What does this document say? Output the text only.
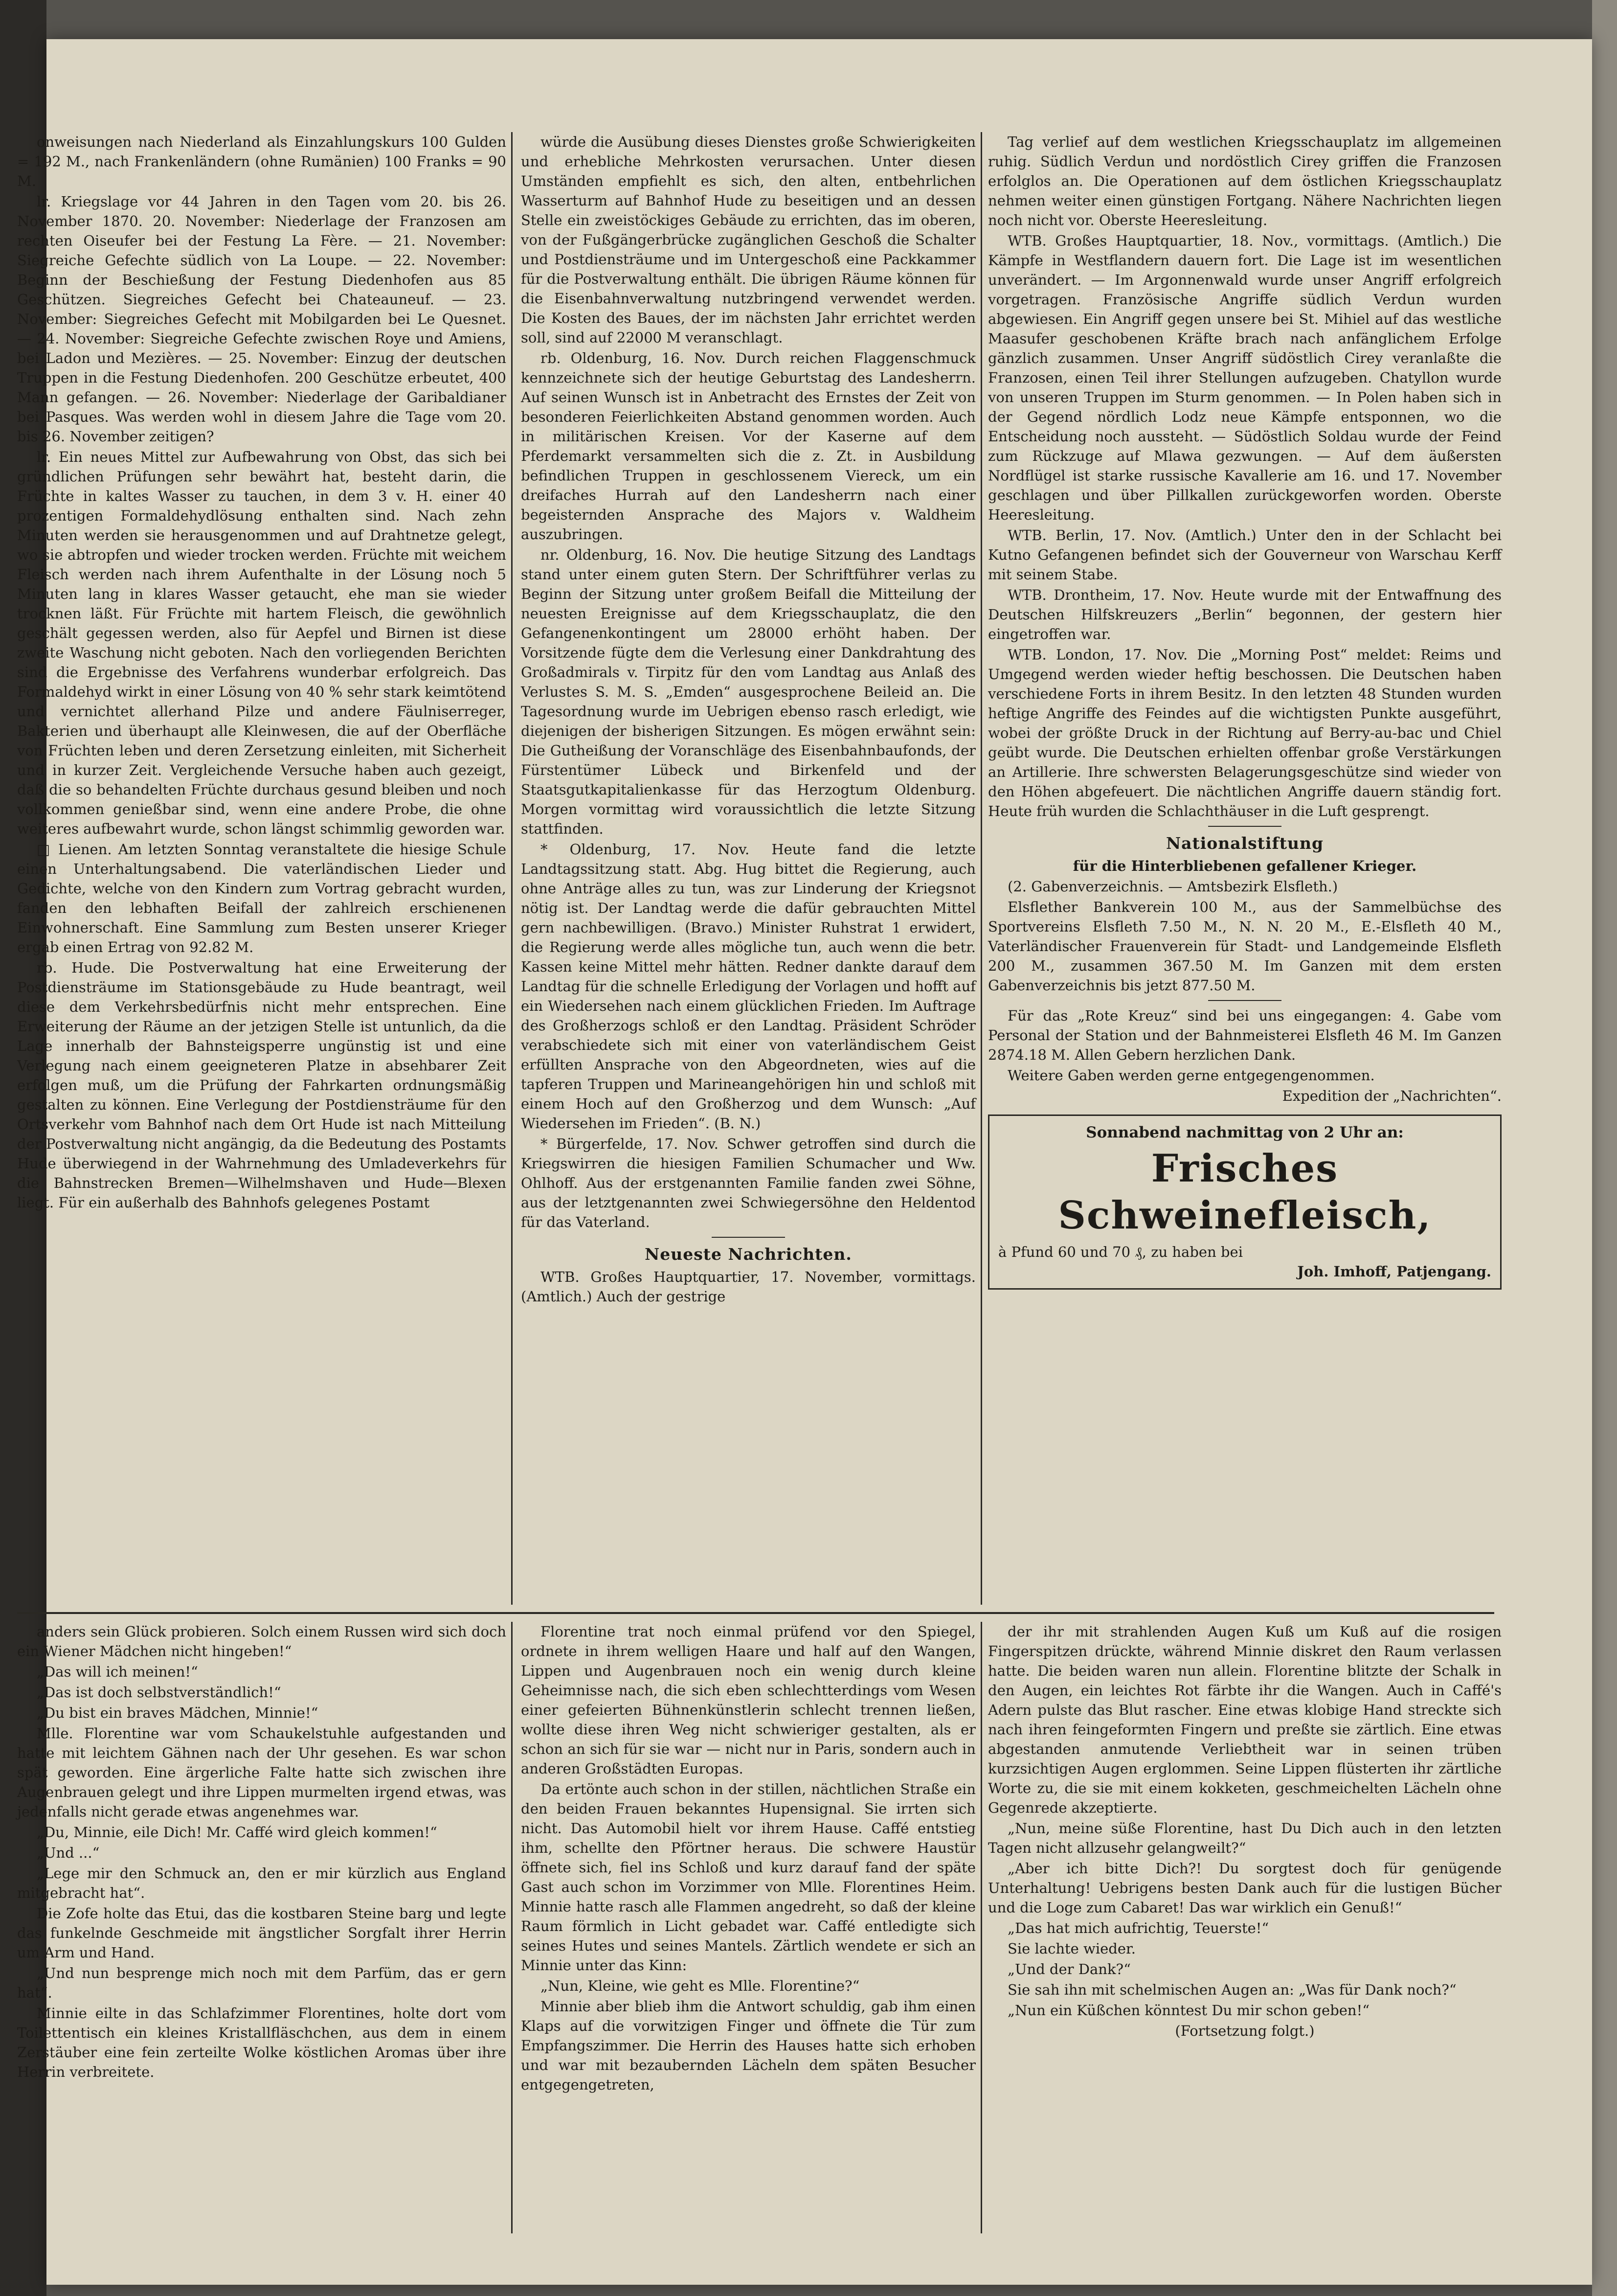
onweisungen nach Niederland als Einzahlungskurs 100 Gulden = 192 M., nach Frankenländern (ohne Rumänien) 100 Franks = 90 M.

lr. Kriegslage vor 44 Jahren in den Tagen vom 20. bis 26. November 1870. 20. November: Niederlage der Franzosen am rechten Oiseufer bei der Festung La Fère. — 21. November: Siegreiche Gefechte südlich von La Loupe. — 22. November: Beginn der Beschießung der Festung Diedenhofen aus 85 Geschützen. Siegreiches Gefecht bei Chateauneuf. — 23. November: Siegreiches Gefecht mit Mobilgarden bei Le Quesnet. — 24. November: Siegreiche Gefechte zwischen Roye und Amiens, bei Ladon und Mezières. — 25. November: Einzug der deutschen Truppen in die Festung Diedenhofen. 200 Geschütze erbeutet, 400 Mann gefangen. — 26. November: Niederlage der Garibaldianer bei Pasques. Was werden wohl in diesem Jahre die Tage vom 20. bis 26. November zeitigen?

lr. Ein neues Mittel zur Aufbewahrung von Obst, das sich bei gründlichen Prüfungen sehr bewährt hat, besteht darin, die Früchte in kaltes Wasser zu tauchen, in dem 3 v. H. einer 40 prozentigen Formaldehydlösung enthalten sind. Nach zehn Minuten werden sie herausgenommen und auf Drahtnetze gelegt, wo sie abtropfen und wieder trocken werden. Früchte mit weichem Fleisch werden nach ihrem Aufenthalte in der Lösung noch 5 Minuten lang in klares Wasser getaucht, ehe man sie wieder trocknen läßt. Für Früchte mit hartem Fleisch, die gewöhnlich geschält gegessen werden, also für Aepfel und Birnen ist diese zweite Waschung nicht geboten. Nach den vorliegenden Berichten sind die Ergebnisse des Verfahrens wunderbar erfolgreich. Das Formaldehyd wirkt in einer Lösung von 40 % sehr stark keimtötend und vernichtet allerhand Pilze und andere Fäulniserreger, Bakterien und überhaupt alle Kleinwesen, die auf der Oberfläche von Früchten leben und deren Zersetzung einleiten, mit Sicherheit und in kurzer Zeit. Vergleichende Versuche haben auch gezeigt, daß die so behandelten Früchte durchaus gesund bleiben und noch vollkommen genießbar sind, wenn eine andere Probe, die ohne weiteres aufbewahrt wurde, schon längst schimmlig geworden war.

□ Lienen. Am letzten Sonntag veranstaltete die hiesige Schule einen Unterhaltungsabend. Die vaterländischen Lieder und Gedichte, welche von den Kindern zum Vortrag gebracht wurden, fanden den lebhaften Beifall der zahlreich erschienenen Einwohnerschaft. Eine Sammlung zum Besten unserer Krieger ergab einen Ertrag von 92.82 M.

rb. Hude. Die Postverwaltung hat eine Erweiterung der Postdiensträume im Stationsgebäude zu Hude beantragt, weil diese dem Verkehrsbedürfnis nicht mehr entsprechen. Eine Erweiterung der Räume an der jetzigen Stelle ist untunlich, da die Lage innerhalb der Bahnsteigsperre ungünstig ist und eine Verlegung nach einem geeigneteren Platze in absehbarer Zeit erfolgen muß, um die Prüfung der Fahrkarten ordnungsmäßig gestalten zu können. Eine Verlegung der Postdiensträume für den Ortsverkehr vom Bahnhof nach dem Ort Hude ist nach Mitteilung der Postverwaltung nicht angängig, da die Bedeutung des Postamts Hude überwiegend in der Wahrnehmung des Umladeverkehrs für die Bahnstrecken Bremen—Wilhelmshaven und Hude—Blexen liegt. Für ein außerhalb des Bahnhofs gelegenes Postamt

würde die Ausübung dieses Dienstes große Schwierigkeiten und erhebliche Mehrkosten verursachen. Unter diesen Umständen empfiehlt es sich, den alten, entbehrlichen Wasserturm auf Bahnhof Hude zu beseitigen und an dessen Stelle ein zweistöckiges Gebäude zu errichten, das im oberen, von der Fußgängerbrücke zugänglichen Geschoß die Schalter und Postdiensträume und im Untergeschoß eine Packkammer für die Postverwaltung enthält. Die übrigen Räume können für die Eisenbahnverwaltung nutzbringend verwendet werden. Die Kosten des Baues, der im nächsten Jahr errichtet werden soll, sind auf 22000 M veranschlagt.

rb. Oldenburg, 16. Nov. Durch reichen Flaggenschmuck kennzeichnete sich der heutige Geburtstag des Landesherrn. Auf seinen Wunsch ist in Anbetracht des Ernstes der Zeit von besonderen Feierlichkeiten Abstand genommen worden. Auch in militärischen Kreisen. Vor der Kaserne auf dem Pferdemarkt versammelten sich die z. Zt. in Ausbildung befindlichen Truppen in geschlossenem Viereck, um ein dreifaches Hurrah auf den Landesherrn nach einer begeisternden Ansprache des Majors v. Waldheim auszubringen.

nr. Oldenburg, 16. Nov. Die heutige Sitzung des Landtags stand unter einem guten Stern. Der Schriftführer verlas zu Beginn der Sitzung unter großem Beifall die Mitteilung der neuesten Ereignisse auf dem Kriegsschauplatz, die den Gefangenenkontingent um 28000 erhöht haben. Der Vorsitzende fügte dem die Verlesung einer Dankdrahtung des Großadmirals v. Tirpitz für den vom Landtag aus Anlaß des Verlustes S. M. S. „Emden“ ausgesprochene Beileid an. Die Tagesordnung wurde im Uebrigen ebenso rasch erledigt, wie diejenigen der bisherigen Sitzungen. Es mögen erwähnt sein: Die Gutheißung der Voranschläge des Eisenbahnbaufonds, der Fürstentümer Lübeck und Birkenfeld und der Staatsgutkapitalienkasse für das Herzogtum Oldenburg. Morgen vormittag wird voraussichtlich die letzte Sitzung stattfinden.

* Oldenburg, 17. Nov. Heute fand die letzte Landtagssitzung statt. Abg. Hug bittet die Regierung, auch ohne Anträge alles zu tun, was zur Linderung der Kriegsnot nötig ist. Der Landtag werde die dafür gebrauchten Mittel gern nachbewilligen. (Bravo.) Minister Ruhstrat 1 erwidert, die Regierung werde alles mögliche tun, auch wenn die betr. Kassen keine Mittel mehr hätten. Redner dankte darauf dem Landtag für die schnelle Erledigung der Vorlagen und hofft auf ein Wiedersehen nach einem glücklichen Frieden. Im Auftrage des Großherzogs schloß er den Landtag. Präsident Schröder verabschiedete sich mit einer von vaterländischem Geist erfüllten Ansprache von den Abgeordneten, wies auf die tapferen Truppen und Marineangehörigen hin und schloß mit einem Hoch auf den Großherzog und dem Wunsch: „Auf Wiedersehen im Frieden“. (B. N.)

* Bürgerfelde, 17. Nov. Schwer getroffen sind durch die Kriegswirren die hiesigen Familien Schumacher und Ww. Ohlhoff. Aus der erstgenannten Familie fanden zwei Söhne, aus der letztgenannten zwei Schwiegersöhne den Heldentod für das Vaterland.

Neueste Nachrichten.

WTB. Großes Hauptquartier, 17. November, vormittags. (Amtlich.) Auch der gestrige

Tag verlief auf dem westlichen Kriegsschauplatz im allgemeinen ruhig. Südlich Verdun und nordöstlich Cirey griffen die Franzosen erfolglos an. Die Operationen auf dem östlichen Kriegsschauplatz nehmen weiter einen günstigen Fortgang. Nähere Nachrichten liegen noch nicht vor. Oberste Heeresleitung.

WTB. Großes Hauptquartier, 18. Nov., vormittags. (Amtlich.) Die Kämpfe in Westflandern dauern fort. Die Lage ist im wesentlichen unverändert. — Im Argonnenwald wurde unser Angriff erfolgreich vorgetragen. Französische Angriffe südlich Verdun wurden abgewiesen. Ein Angriff gegen unsere bei St. Mihiel auf das westliche Maasufer geschobenen Kräfte brach nach anfänglichem Erfolge gänzlich zusammen. Unser Angriff südöstlich Cirey veranlaßte die Franzosen, einen Teil ihrer Stellungen aufzugeben. Chatyllon wurde von unseren Truppen im Sturm genommen. — In Polen haben sich in der Gegend nördlich Lodz neue Kämpfe entsponnen, wo die Entscheidung noch aussteht. — Südöstlich Soldau wurde der Feind zum Rückzuge auf Mlawa gezwungen. — Auf dem äußersten Nordflügel ist starke russische Kavallerie am 16. und 17. November geschlagen und über Pillkallen zurückgeworfen worden. Oberste Heeresleitung.

WTB. Berlin, 17. Nov. (Amtlich.) Unter den in der Schlacht bei Kutno Gefangenen befindet sich der Gouverneur von Warschau Kerff mit seinem Stabe.

WTB. Drontheim, 17. Nov. Heute wurde mit der Entwaffnung des Deutschen Hilfskreuzers „Berlin“ begonnen, der gestern hier eingetroffen war.

WTB. London, 17. Nov. Die „Morning Post“ meldet: Reims und Umgegend werden wieder heftig beschossen. Die Deutschen haben verschiedene Forts in ihrem Besitz. In den letzten 48 Stunden wurden heftige Angriffe des Feindes auf die wichtigsten Punkte ausgeführt, wobei der größte Druck in der Richtung auf Berry-au-bac und Chiel geübt wurde. Die Deutschen erhielten offenbar große Verstärkungen an Artillerie. Ihre schwersten Belagerungsgeschütze sind wieder von den Höhen abgefeuert. Die nächtlichen Angriffe dauern ständig fort. Heute früh wurden die Schlachthäuser in die Luft gesprengt.

Nationalstiftung

für die Hinterbliebenen gefallener Krieger.

(2. Gabenverzeichnis. — Amtsbezirk Elsfleth.)

Elsflether Bankverein 100 M., aus der Sammelbüchse des Sportvereins Elsfleth 7.50 M., N. N. 20 M., E.-Elsfleth 40 M., Vaterländischer Frauenverein für Stadt- und Landgemeinde Elsfleth 200 M., zusammen 367.50 M. Im Ganzen mit dem ersten Gabenverzeichnis bis jetzt 877.50 M.

Für das „Rote Kreuz“ sind bei uns eingegangen: 4. Gabe vom Personal der Station und der Bahnmeisterei Elsfleth 46 M. Im Ganzen 2874.18 M. Allen Gebern herzlichen Dank.

Weitere Gaben werden gerne entgegengenommen.

Expedition der „Nachrichten“.

Sonnabend nachmittag von 2 Uhr an:

Frisches Schweinefleisch,

à Pfund 60 und 70 ₰, zu haben bei

Joh. Imhoff, Patjengang.

anders sein Glück probieren. Solch einem Russen wird sich doch ein Wiener Mädchen nicht hingeben!“

„Das will ich meinen!“

„Das ist doch selbstverständlich!“

„Du bist ein braves Mädchen, Minnie!“

Mlle. Florentine war vom Schaukelstuhle aufgestanden und hatte mit leichtem Gähnen nach der Uhr gesehen. Es war schon spät geworden. Eine ärgerliche Falte hatte sich zwischen ihre Augenbrauen gelegt und ihre Lippen murmelten irgend etwas, was jedenfalls nicht gerade etwas angenehmes war.

„Du, Minnie, eile Dich! Mr. Caffé wird gleich kommen!“

„Und ...“

„Lege mir den Schmuck an, den er mir kürzlich aus England mitgebracht hat“.

Die Zofe holte das Etui, das die kostbaren Steine barg und legte das funkelnde Geschmeide mit ängstlicher Sorgfalt ihrer Herrin um Arm und Hand.

„Und nun besprenge mich noch mit dem Parfüm, das er gern hat“.

Minnie eilte in das Schlafzimmer Florentines, holte dort vom Toilettentisch ein kleines Kristallfläschchen, aus dem in einem Zerstäuber eine fein zerteilte Wolke köstlichen Aromas über ihre Herrin verbreitete.

Florentine trat noch einmal prüfend vor den Spiegel, ordnete in ihrem welligen Haare und half auf den Wangen, Lippen und Augenbrauen noch ein wenig durch kleine Geheimnisse nach, die sich eben schlechtterdings vom Wesen einer gefeierten Bühnenkünstlerin schlecht trennen ließen, wollte diese ihren Weg nicht schwieriger gestalten, als er schon an sich für sie war — nicht nur in Paris, sondern auch in anderen Großstädten Europas.

Da ertönte auch schon in der stillen, nächtlichen Straße ein den beiden Frauen bekanntes Hupensignal. Sie irrten sich nicht. Das Automobil hielt vor ihrem Hause. Caffé entstieg ihm, schellte den Pförtner heraus. Die schwere Haustür öffnete sich, fiel ins Schloß und kurz darauf fand der späte Gast auch schon im Vorzimmer von Mlle. Florentines Heim. Minnie hatte rasch alle Flammen angedreht, so daß der kleine Raum förmlich in Licht gebadet war. Caffé entledigte sich seines Hutes und seines Mantels. Zärtlich wendete er sich an Minnie unter das Kinn:

„Nun, Kleine, wie geht es Mlle. Florentine?“

Minnie aber blieb ihm die Antwort schuldig, gab ihm einen Klaps auf die vorwitzigen Finger und öffnete die Tür zum Empfangszimmer. Die Herrin des Hauses hatte sich erhoben und war mit bezaubernden Lächeln dem späten Besucher entgegengetreten,

der ihr mit strahlenden Augen Kuß um Kuß auf die rosigen Fingerspitzen drückte, während Minnie diskret den Raum verlassen hatte. Die beiden waren nun allein. Florentine blitzte der Schalk in den Augen, ein leichtes Rot färbte ihr die Wangen. Auch in Caffé's Adern pulste das Blut rascher. Eine etwas klobige Hand streckte sich nach ihren feingeformten Fingern und preßte sie zärtlich. Eine etwas abgestanden anmutende Verliebtheit war in seinen trüben kurzsichtigen Augen erglommen. Seine Lippen flüsterten ihr zärtliche Worte zu, die sie mit einem kokketen, geschmeichelten Lächeln ohne Gegenrede akzeptierte.

„Nun, meine süße Florentine, hast Du Dich auch in den letzten Tagen nicht allzusehr gelangweilt?“

„Aber ich bitte Dich?! Du sorgtest doch für genügende Unterhaltung! Uebrigens besten Dank auch für die lustigen Bücher und die Loge zum Cabaret! Das war wirklich ein Genuß!“

„Das hat mich aufrichtig, Teuerste!“

Sie lachte wieder.

„Und der Dank?“

Sie sah ihn mit schelmischen Augen an: „Was für Dank noch?“

„Nun ein Küßchen könntest Du mir schon geben!“

(Fortsetzung folgt.)
